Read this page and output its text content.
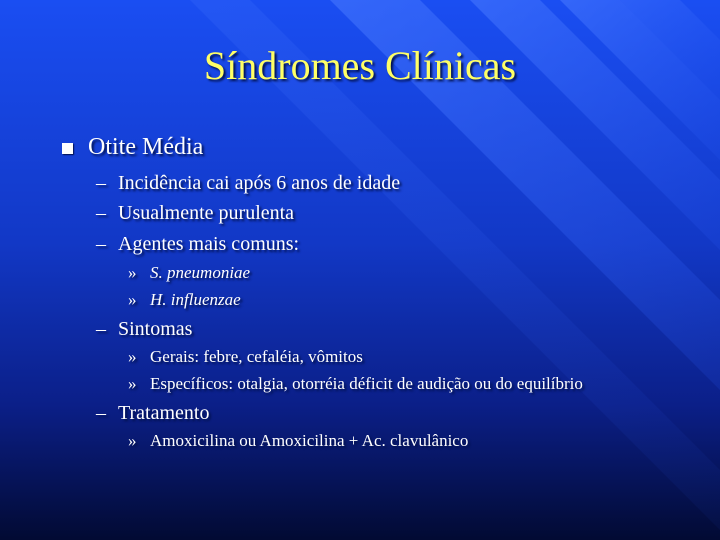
Síndromes Clínicas
Otite Média
– Incidência cai após 6 anos de idade
– Usualmente purulenta
– Agentes mais comuns:
» S. pneumoniae
» H. influenzae
– Sintomas
» Gerais: febre, cefaléia, vômitos
» Específicos: otalgia, otorréia déficit de audição ou do equilíbrio
– Tratamento
» Amoxicilina ou Amoxicilina + Ac. clavulânico
